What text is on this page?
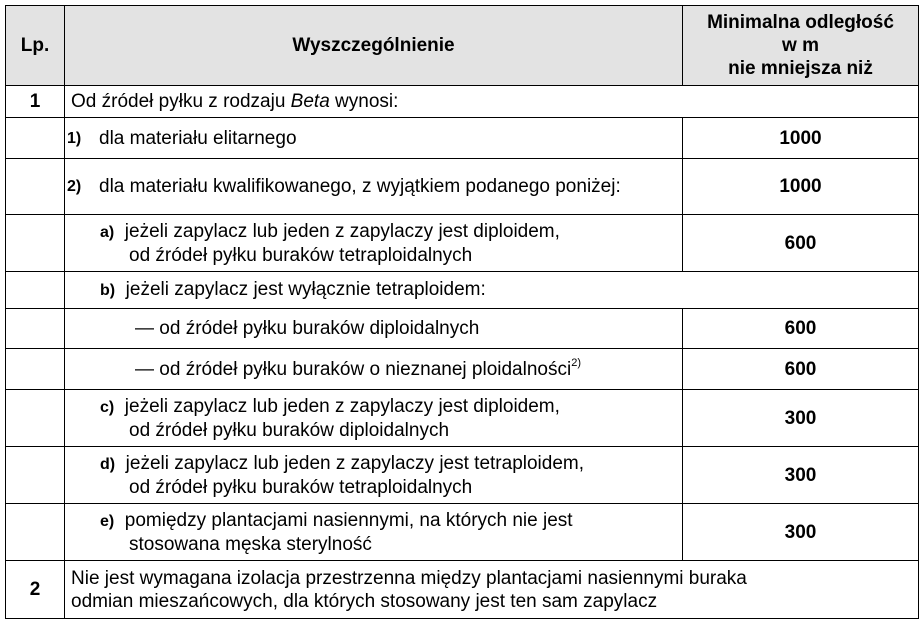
Lp.	Wyszczególnienie	Minimalna odległość
w m
nie mniejsza niż

1	Od źródeł pyłku z rodzaju Beta wynosi:	

	1) dla materiału elitarnego	1000

	2) dla materiału kwalifikowanego, z wyjątkiem podanego poniżej:	1000

	a) jeżeli zapylacz lub jeden z zapylaczy jest diploidem,
od źródeł pyłku buraków tetraploidalnych	600

	b) jeżeli zapylacz jest wyłącznie tetraploidem:	

	— od źródeł pyłku buraków diploidalnych	600

	— od źródeł pyłku buraków o nieznanej ploidalności$^{2)}$	600

	c) jeżeli zapylacz lub jeden z zapylaczy jest diploidem,
od źródeł pyłku buraków diploidalnych	300

	d) jeżeli zapylacz lub jeden z zapylaczy jest tetraploidem,
od źródeł pyłku buraków tetraploidalnych	300

	e) pomiędzy plantacjami nasiennymi, na których nie jest
stosowana męska sterylność	300
2	Nie jest wymagana izolacja przestrzenna między plantacjami nasiennymi buraka
odmian mieszańcowych, dla których stosowany jest ten sam zapylacz	
